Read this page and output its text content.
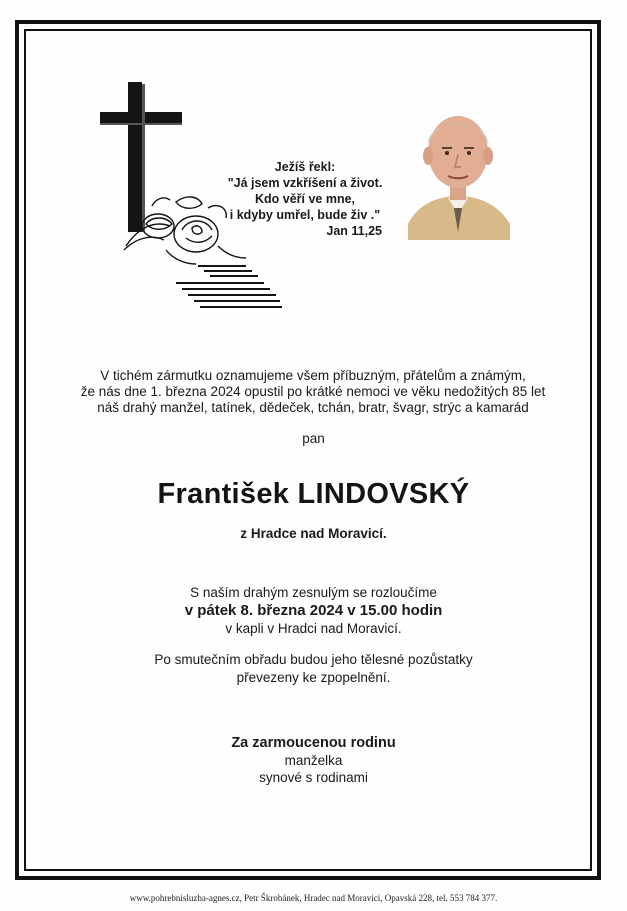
Ježíš řekl:
"Já jsem vzkříšení a život.
Kdo věří ve mne,
i kdyby umřel, bude živ ."
Jan 11,25
V tichém zármutku oznamujeme všem příbuzným, přátelům a známým,
že nás dne 1. března 2024 opustil po krátké nemoci ve věku nedožitých 85 let
náš drahý manžel, tatínek, dědeček, tchán, bratr, švagr, strýc a kamarád
pan
František LINDOVSKÝ
z Hradce nad Moravicí.
S naším drahým zesnulým se rozloučíme
v pátek 8. března 2024 v 15.00 hodin
v kapli v Hradci nad Moravicí.
Po smutečním obřadu budou jeho tělesné pozůstatky
převezeny ke zpopelnění.
Za zarmoucenou rodinu
manželka
synové s rodinami
www.pohrebnisluzba-agnes.cz, Petr Škrobánek, Hradec nad Moravicí, Opavská 228, tel. 553 784 377.
